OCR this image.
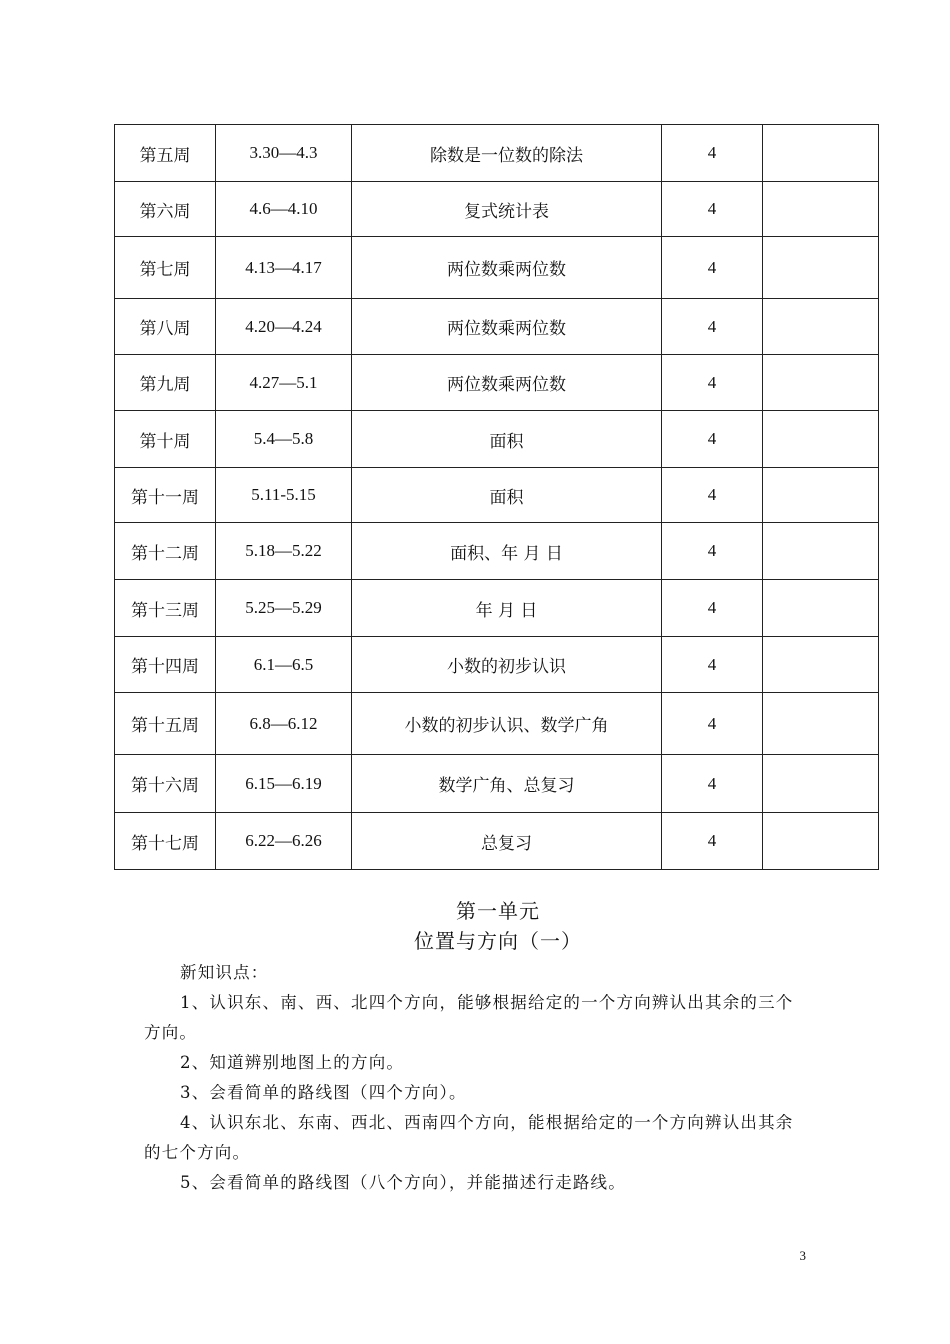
第五周	3.30—4.3	除数是一位数的除法	4	
第六周	4.6—4.10	复式统计表	4	
第七周	4.13—4.17	两位数乘两位数	4	
第八周	4.20—4.24	两位数乘两位数	4	
第九周	4.27—5.1	两位数乘两位数	4	
第十周	5.4—5.8	面积	4	
第十一周	5.11-5.15	面积	4	
第十二周	5.18—5.22	面积、年 月 日	4	
第十三周	5.25—5.29	年 月 日	4	
第十四周	6.1—6.5	小数的初步认识	4	
第十五周	6.8—6.12	小数的初步认识、数学广角	4	
第十六周	6.15—6.19	数学广角、总复习	4	
第十七周	6.22—6.26	总复习	4	
第一单元
位置与方向（一）
新知识点：
1、认识东、南、西、北四个方向，能够根据给定的一个方向辨认出其余的三个
方向。
2、知道辨别地图上的方向。
3、会看简单的路线图（四个方向）。
4、认识东北、东南、西北、西南四个方向，能根据给定的一个方向辨认出其余
的七个方向。
5、会看简单的路线图（八个方向），并能描述行走路线。
3
